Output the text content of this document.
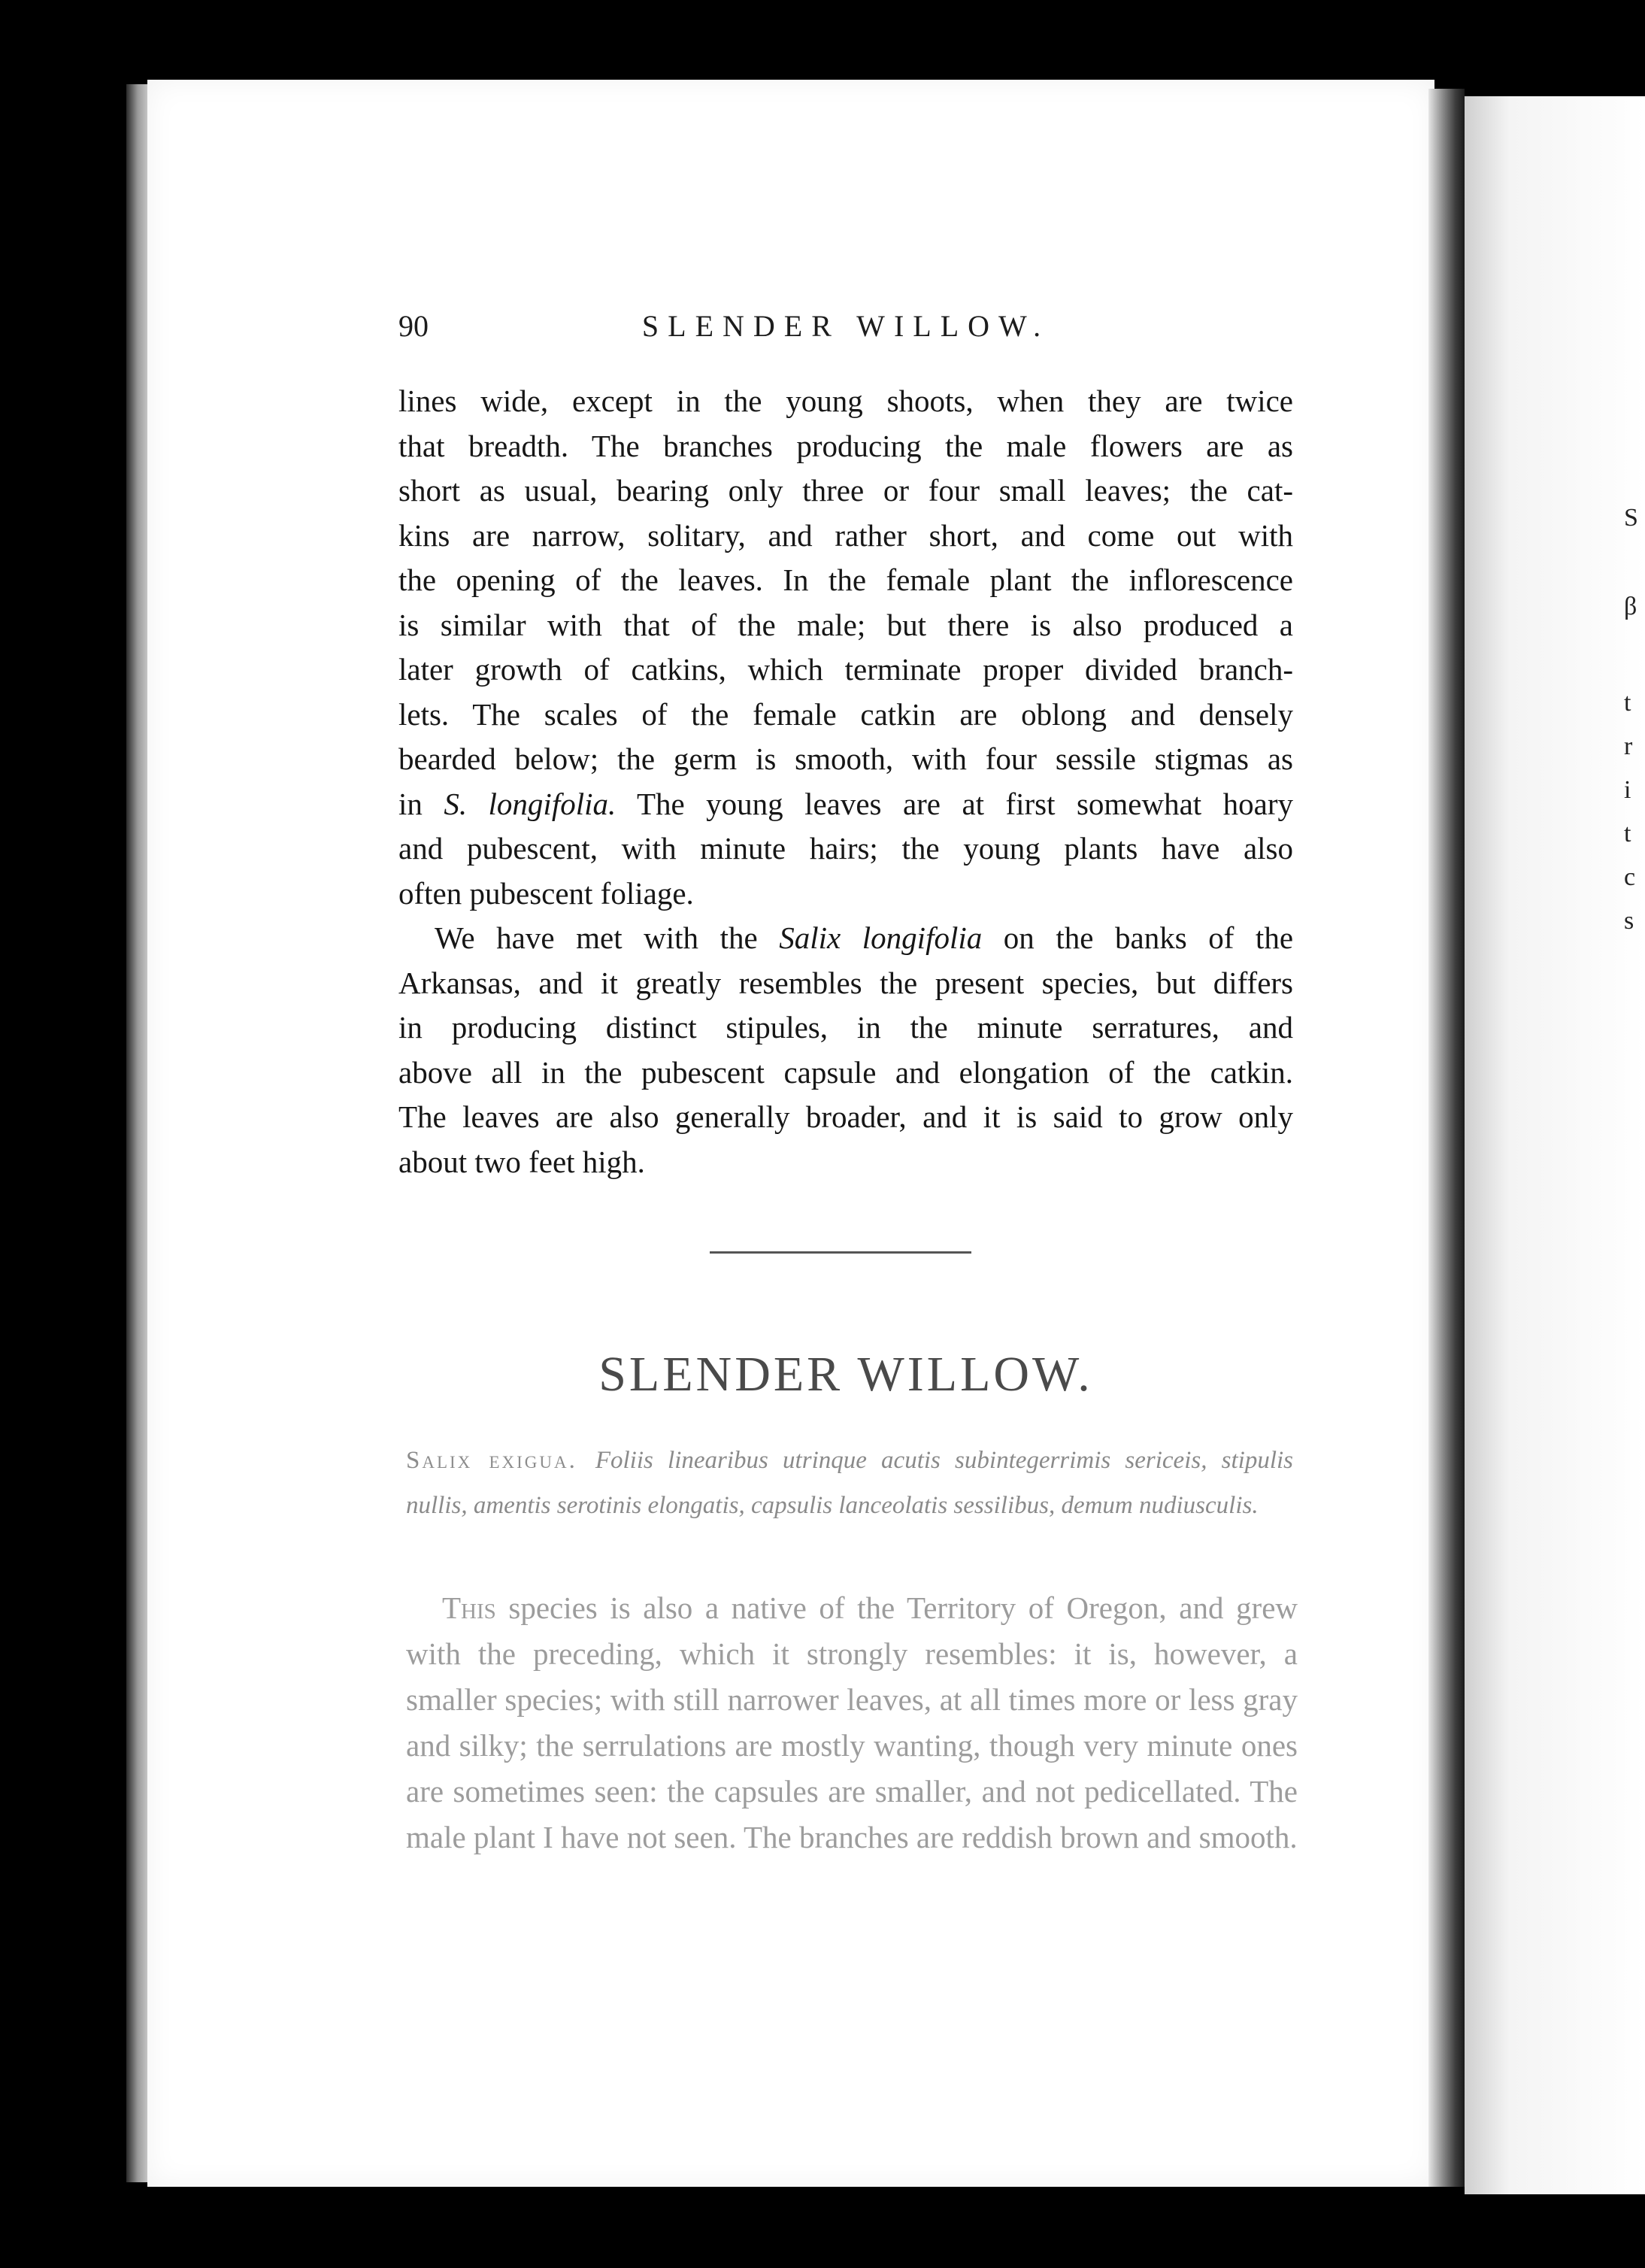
S
β
t
r
i
t
c
s
90	SLENDER WILLOW.

lines wide, except in the young shoots, when they are twice
that breadth. The branches producing the male flowers are as
short as usual, bearing only three or four small leaves; the cat-
kins are narrow, solitary, and rather short, and come out with
the opening of the leaves. In the female plant the inflorescence
is similar with that of the male; but there is also produced a
later growth of catkins, which terminate proper divided branch-
lets. The scales of the female catkin are oblong and densely
bearded below; the germ is smooth, with four sessile stigmas as
in S. longifolia. The young leaves are at first somewhat hoary
and pubescent, with minute hairs; the young plants have also
often pubescent foliage.

We have met with the Salix longifolia on the banks of the
Arkansas, and it greatly resembles the present species, but differs
in producing distinct stipules, in the minute serratures, and
above all in the pubescent capsule and elongation of the catkin.
The leaves are also generally broader, and it is said to grow only
about two feet high.

SLENDER WILLOW.
Salix exigua. Foliis linearibus utrinque acutis subintegerrimis sericeis, stipulis nullis, amentis serotinis elongatis, capsulis lanceolatis sessilibus, demum nudiusculis.

This species is also a native of the Territory of Oregon, and grew with the preceding, which it strongly resembles: it is, however, a smaller species; with still narrower leaves, at all times more or less gray and silky; the serrulations are mostly wanting, though very minute ones are sometimes seen: the capsules are smaller, and not pedicellated. The male plant I have not seen. The branches are reddish brown and smooth.
